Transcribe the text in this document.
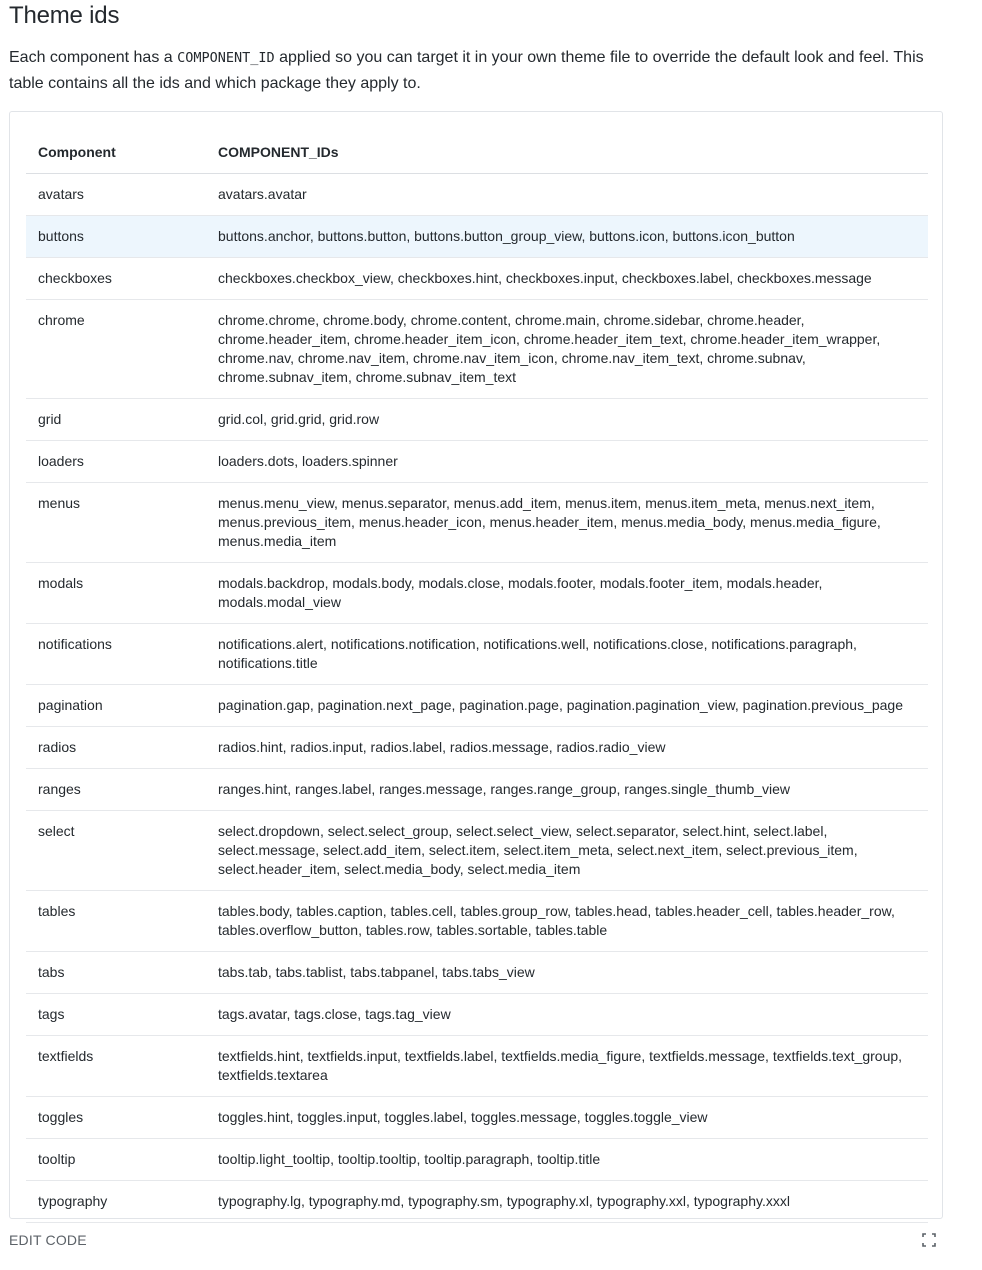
Theme ids

Each component has a COMPONENT_ID applied so you can target it in your own theme file to override the default look and feel. This table contains all the ids and which package they apply to.

Component	COMPONENT_IDs
avatars	avatars.avatar
buttons	buttons.anchor, buttons.button, buttons.button_group_view, buttons.icon, buttons.icon_button
checkboxes	checkboxes.checkbox_view, checkboxes.hint, checkboxes.input, checkboxes.label, checkboxes.message
chrome	chrome.chrome, chrome.body, chrome.content, chrome.main, chrome.sidebar, chrome.header, chrome.header_item, chrome.header_item_icon, chrome.header_item_text, chrome.header_item_wrapper, chrome.nav, chrome.nav_item, chrome.nav_item_icon, chrome.nav_item_text, chrome.subnav, chrome.subnav_item, chrome.subnav_item_text
grid	grid.col, grid.grid, grid.row
loaders	loaders.dots, loaders.spinner
menus	menus.menu_view, menus.separator, menus.add_item, menus.item, menus.item_meta, menus.next_item, menus.previous_item, menus.header_icon, menus.header_item, menus.media_body, menus.media_figure, menus.media_item
modals	modals.backdrop, modals.body, modals.close, modals.footer, modals.footer_item, modals.header, modals.modal_view
notifications	notifications.alert, notifications.notification, notifications.well, notifications.close, notifications.paragraph, notifications.title
pagination	pagination.gap, pagination.next_page, pagination.page, pagination.pagination_view, pagination.previous_page
radios	radios.hint, radios.input, radios.label, radios.message, radios.radio_view
ranges	ranges.hint, ranges.label, ranges.message, ranges.range_group, ranges.single_thumb_view
select	select.dropdown, select.select_group, select.select_view, select.separator, select.hint, select.label, select.message, select.add_item, select.item, select.item_meta, select.next_item, select.previous_item, select.header_item, select.media_body, select.media_item
tables	tables.body, tables.caption, tables.cell, tables.group_row, tables.head, tables.header_cell, tables.header_row, tables.overflow_button, tables.row, tables.sortable, tables.table
tabs	tabs.tab, tabs.tablist, tabs.tabpanel, tabs.tabs_view
tags	tags.avatar, tags.close, tags.tag_view
textfields	textfields.hint, textfields.input, textfields.label, textfields.media_figure, textfields.message, textfields.text_group, textfields.textarea
toggles	toggles.hint, toggles.input, toggles.label, toggles.message, toggles.toggle_view
tooltip	tooltip.light_tooltip, tooltip.tooltip, tooltip.paragraph, tooltip.title
typography	typography.lg, typography.md, typography.sm, typography.xl, typography.xxl, typography.xxxl
EDIT CODE
